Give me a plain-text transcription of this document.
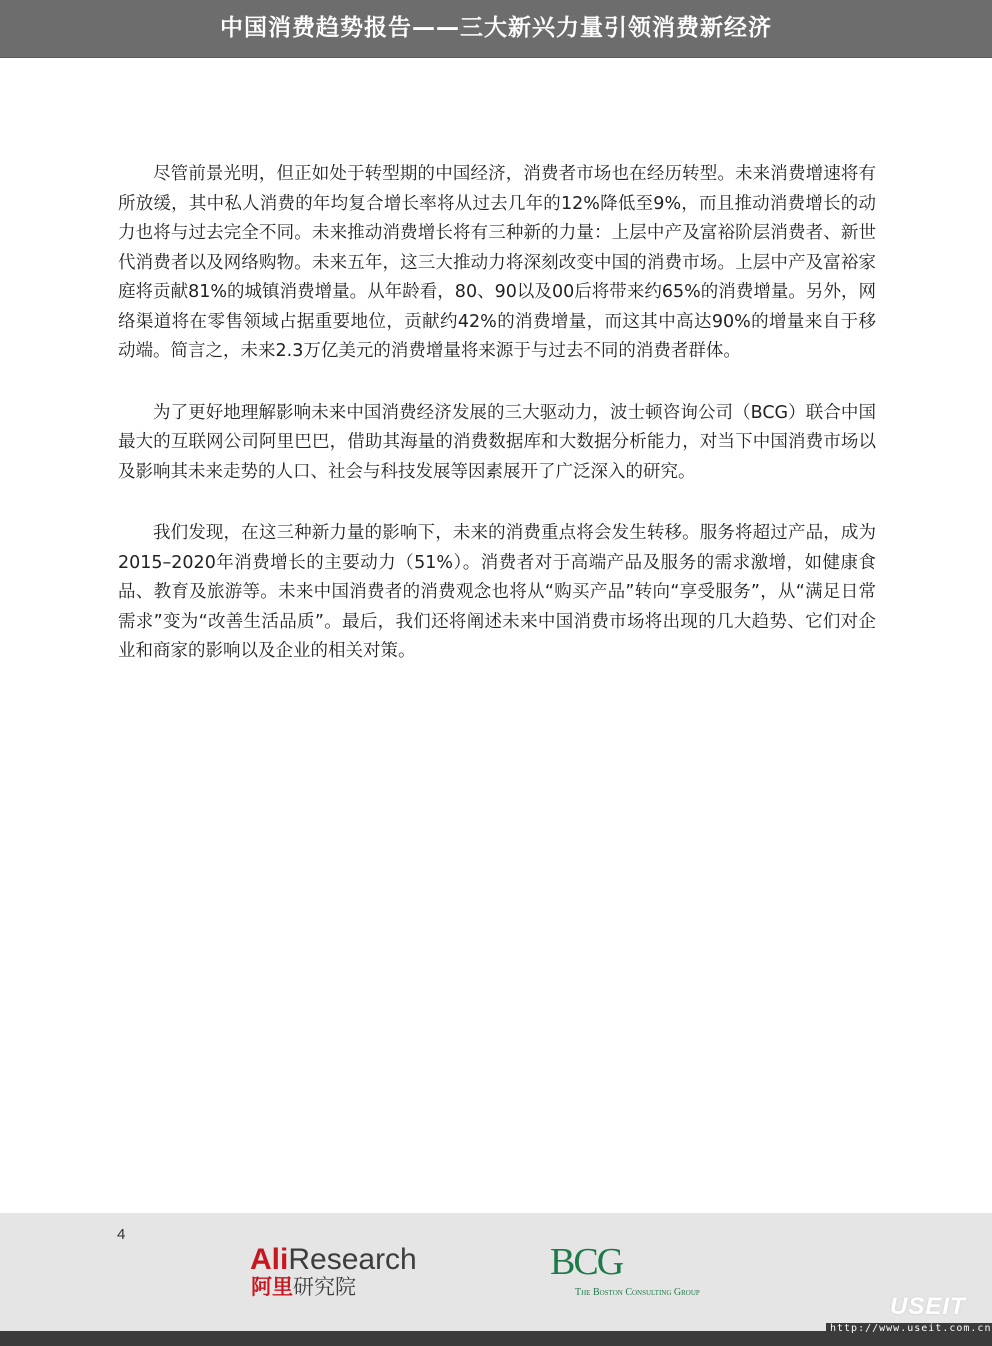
中国消费趋势报告——三大新兴力量引领消费新经济

尽管前景光明，但正如处于转型期的中国经济，消费者市场也在经历转型。未来消费增速将有所放缓，其中私人消费的年均复合增长率将从过去几年的12%降低至9%，而且推动消费增长的动力也将与过去完全不同。未来推动消费增长将有三种新的力量：上层中产及富裕阶层消费者、新世代消费者以及网络购物。未来五年，这三大推动力将深刻改变中国的消费市场。上层中产及富裕家庭将贡献81%的城镇消费增量。从年龄看，80、90以及00后将带来约65%的消费增量。另外，网络渠道将在零售领域占据重要地位，贡献约42%的消费增量，而这其中高达90%的增量来自于移动端。简言之，未来2.3万亿美元的消费增量将来源于与过去不同的消费者群体。

为了更好地理解影响未来中国消费经济发展的三大驱动力，波士顿咨询公司（BCG）联合中国最大的互联网公司阿里巴巴，借助其海量的消费数据库和大数据分析能力，对当下中国消费市场以及影响其未来走势的人口、社会与科技发展等因素展开了广泛深入的研究。

我们发现，在这三种新力量的影响下，未来的消费重点将会发生转移。服务将超过产品，成为2015–2020年消费增长的主要动力（51%）。消费者对于高端产品及服务的需求激增，如健康食品、教育及旅游等。未来中国消费者的消费观念也将从“购买产品”转向“享受服务”，从“满足日常需求”变为“改善生活品质”。最后，我们还将阐述未来中国消费市场将出现的几大趋势、它们对企业和商家的影响以及企业的相关对策。

4
AliResearch
阿里研究院
BCG
The Boston Consulting Group
USEIT
http://www.useit.com.cn
